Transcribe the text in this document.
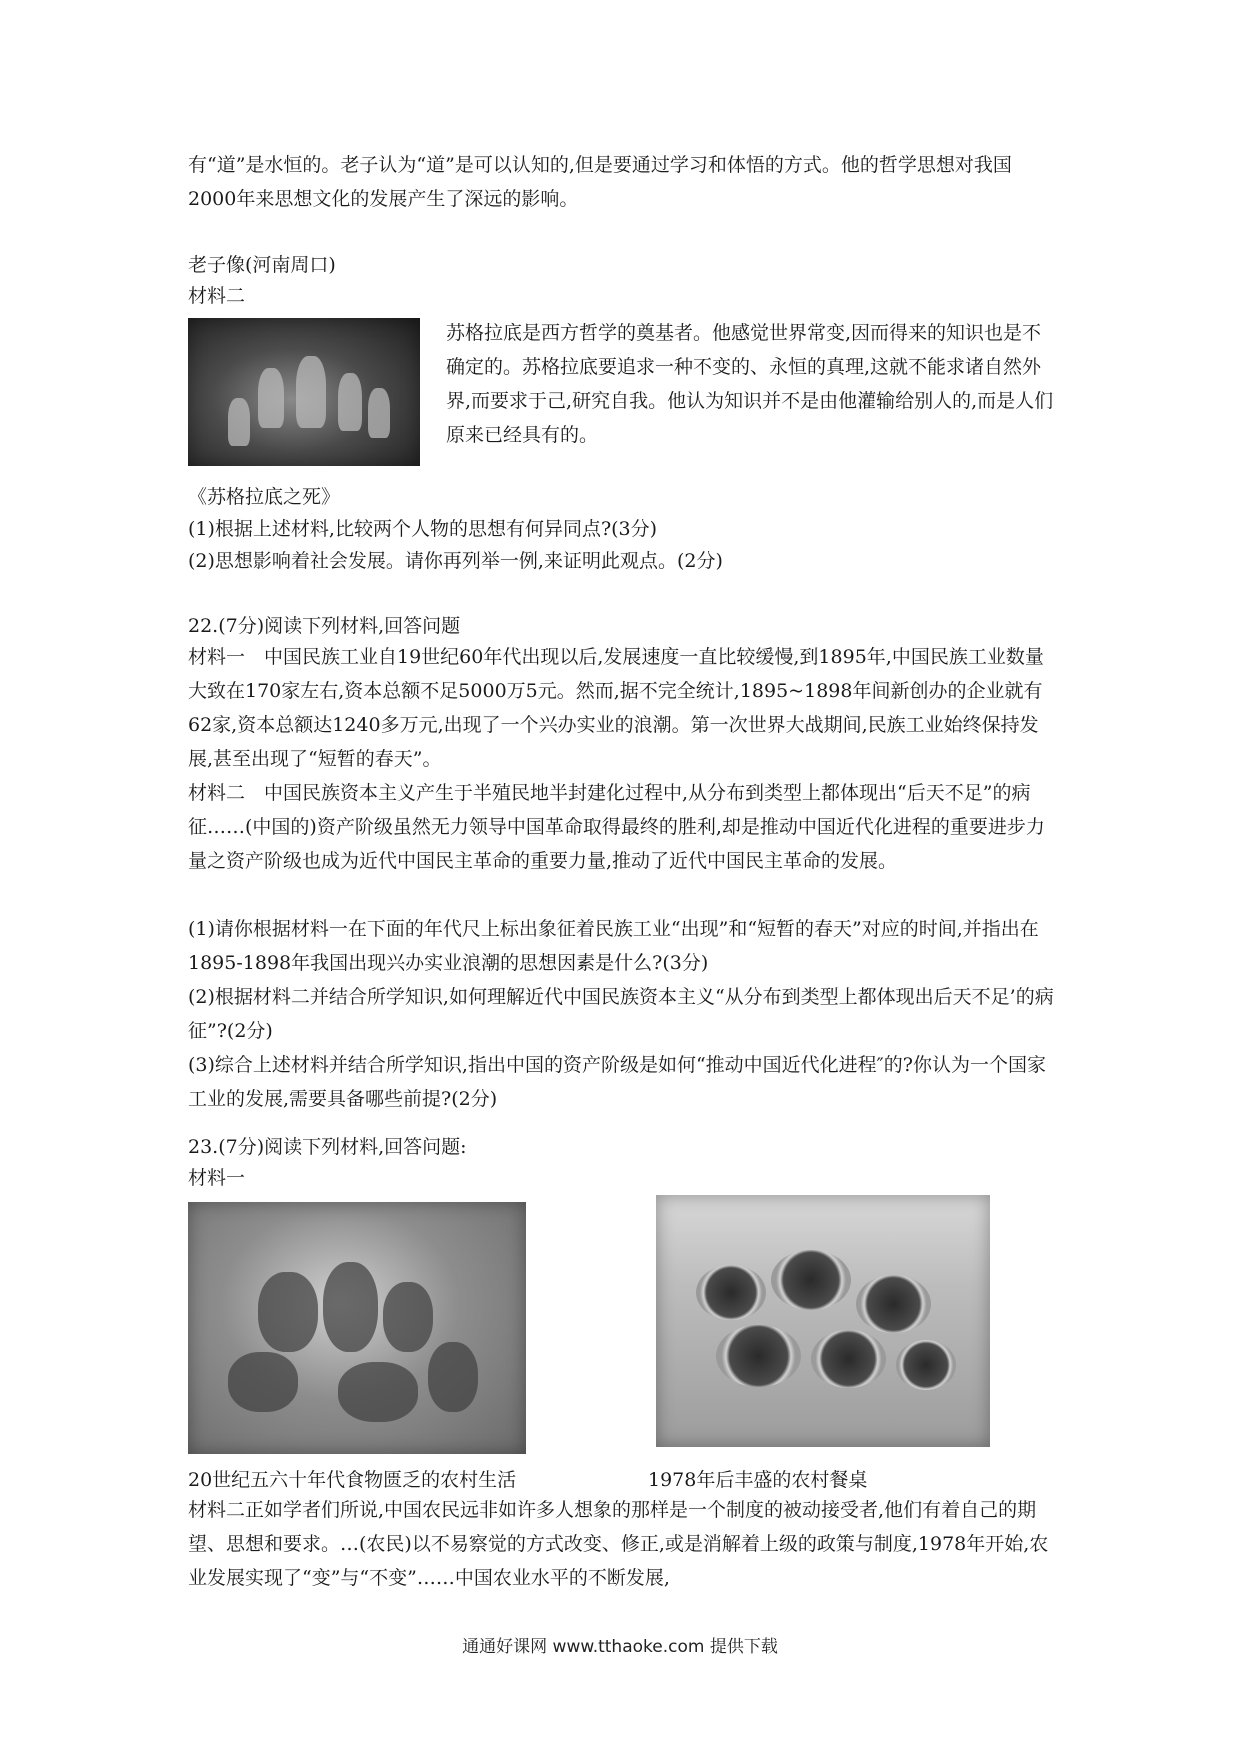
有“道”是水恒的。老子认为“道”是可以认知的,但是要通过学习和体悟的方式。他的哲学思想对我国2000年来思想文化的发展产生了深远的影响。

老子像(河南周口)

材料二

苏格拉底是西方哲学的奠基者。他感觉世界常变,因而得来的知识也是不确定的。苏格拉底要追求一种不变的、永恒的真理,这就不能求诸自然外界,而要求于己,研究自我。他认为知识并不是由他灌输给别人的,而是人们原来已经具有的。

《苏格拉底之死》

(1)根据上述材料,比较两个人物的思想有何异同点?(3分)

(2)思想影响着社会发展。请你再列举一例,来证明此观点。(2分)

22.(7分)阅读下列材料,回答问题

材料一　中国民族工业自19世纪60年代出现以后,发展速度一直比较缓慢,到1895年,中国民族工业数量大致在170家左右,资本总额不足5000万5元。然而,据不完全统计,1895~1898年间新创办的企业就有62家,资本总额达1240多万元,出现了一个兴办实业的浪潮。第一次世界大战期间,民族工业始终保持发展,甚至出现了“短暂的春天”。

材料二　中国民族资本主义产生于半殖民地半封建化过程中,从分布到类型上都体现出“后天不足”的病征……(中国的)资产阶级虽然无力领导中国革命取得最终的胜利,却是推动中国近代化进程的重要进步力量之资产阶级也成为近代中国民主革命的重要力量,推动了近代中国民主革命的发展。

(1)请你根据材料一在下面的年代尺上标出象征着民族工业“出现”和“短暂的春天”对应的时间,并指出在1895-1898年我国出现兴办实业浪潮的思想因素是什么?(3分)

(2)根据材料二并结合所学知识,如何理解近代中国民族资本主义“从分布到类型上都体现出后天不足’的病征”?(2分)

(3)综合上述材料并结合所学知识,指出中国的资产阶级是如何“推动中国近代化进程″的?你认为一个国家工业的发展,需要具备哪些前提?(2分)

23.(7分)阅读下列材料,回答问题:

材料一

20世纪五六十年代食物匮乏的农村生活	1978年后丰盛的农村餐桌

材料二正如学者们所说,中国农民远非如许多人想象的那样是一个制度的被动接受者,他们有着自己的期望、思想和要求。…(农民)以不易察觉的方式改变、修正,或是消解着上级的政策与制度,1978年开始,农业发展实现了“变”与“不变”……中国农业水平的不断发展,

通通好课网 www.tthaoke.com 提供下载
